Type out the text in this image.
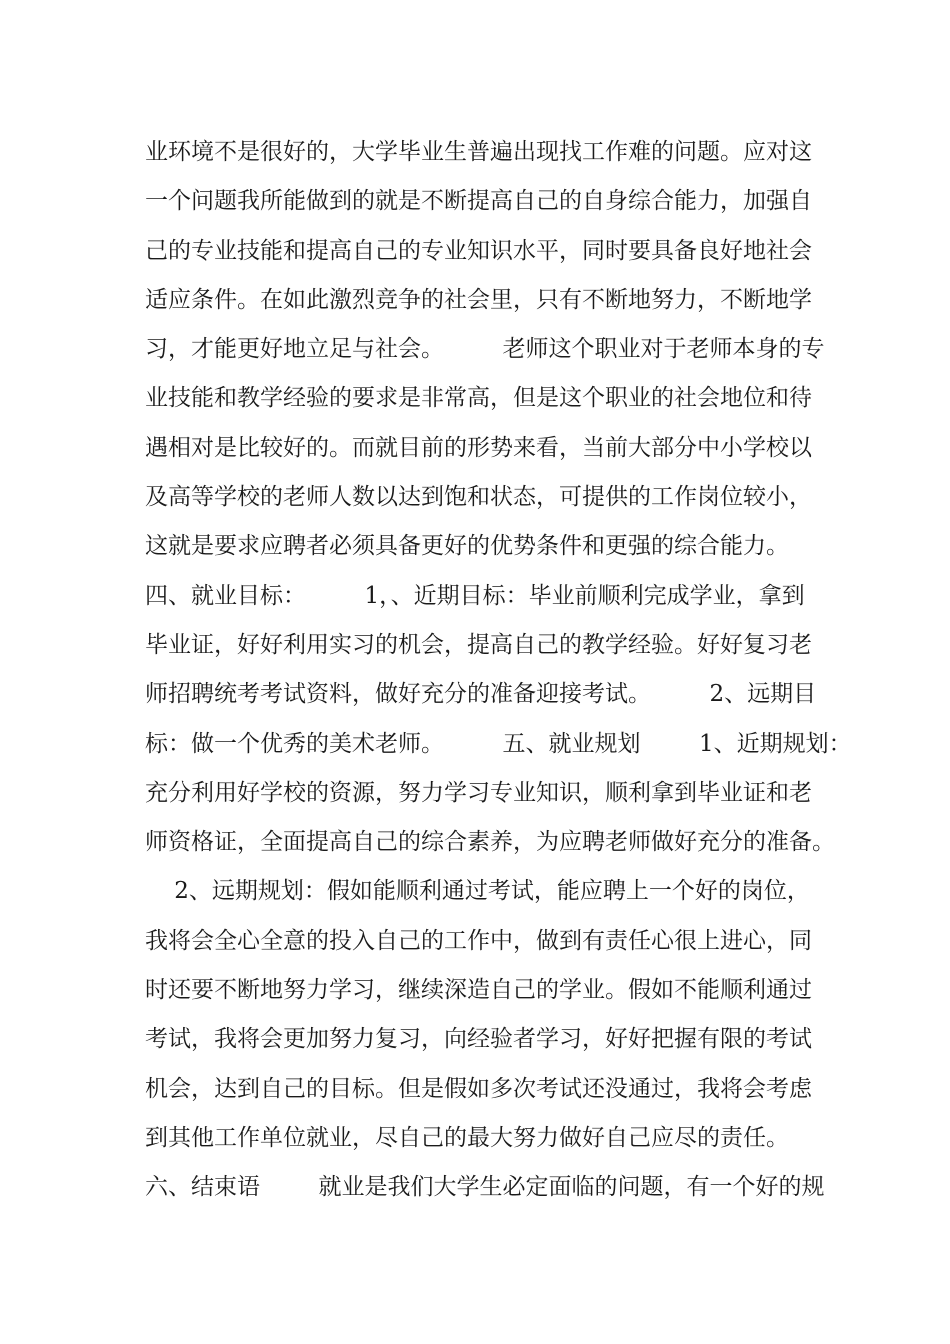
业环境不是很好的，大学毕业生普遍出现找工作难的问题。应对这
一个问题我所能做到的就是不断提高自己的自身综合能力，加强自
己的专业技能和提高自己的专业知识水平，同时要具备良好地社会
适应条件。在如此激烈竞争的社会里，只有不断地努力，不断地学
习，才能更好地立足与社会。        老师这个职业对于老师本身的专
业技能和教学经验的要求是非常高，但是这个职业的社会地位和待
遇相对是比较好的。而就目前的形势来看，当前大部分中小学校以
及高等学校的老师人数以达到饱和状态，可提供的工作岗位较小，
这就是要求应聘者必须具备更好的优势条件和更强的综合能力。
四、就业目标：        1，、近期目标：毕业前顺利完成学业，拿到
毕业证，好好利用实习的机会，提高自己的教学经验。好好复习老
师招聘统考考试资料，做好充分的准备迎接考试。        2、远期目
标：做一个优秀的美术老师。        五、就业规划        1、近期规划：
充分利用好学校的资源，努力学习专业知识，顺利拿到毕业证和老
师资格证，全面提高自己的综合素养，为应聘老师做好充分的准备。
2、远期规划：假如能顺利通过考试，能应聘上一个好的岗位，
我将会全心全意的投入自己的工作中，做到有责任心很上进心，同
时还要不断地努力学习，继续深造自己的学业。假如不能顺利通过
考试，我将会更加努力复习，向经验者学习，好好把握有限的考试
机会，达到自己的目标。但是假如多次考试还没通过，我将会考虑
到其他工作单位就业，尽自己的最大努力做好自己应尽的责任。
六、结束语        就业是我们大学生必定面临的问题，有一个好的规
